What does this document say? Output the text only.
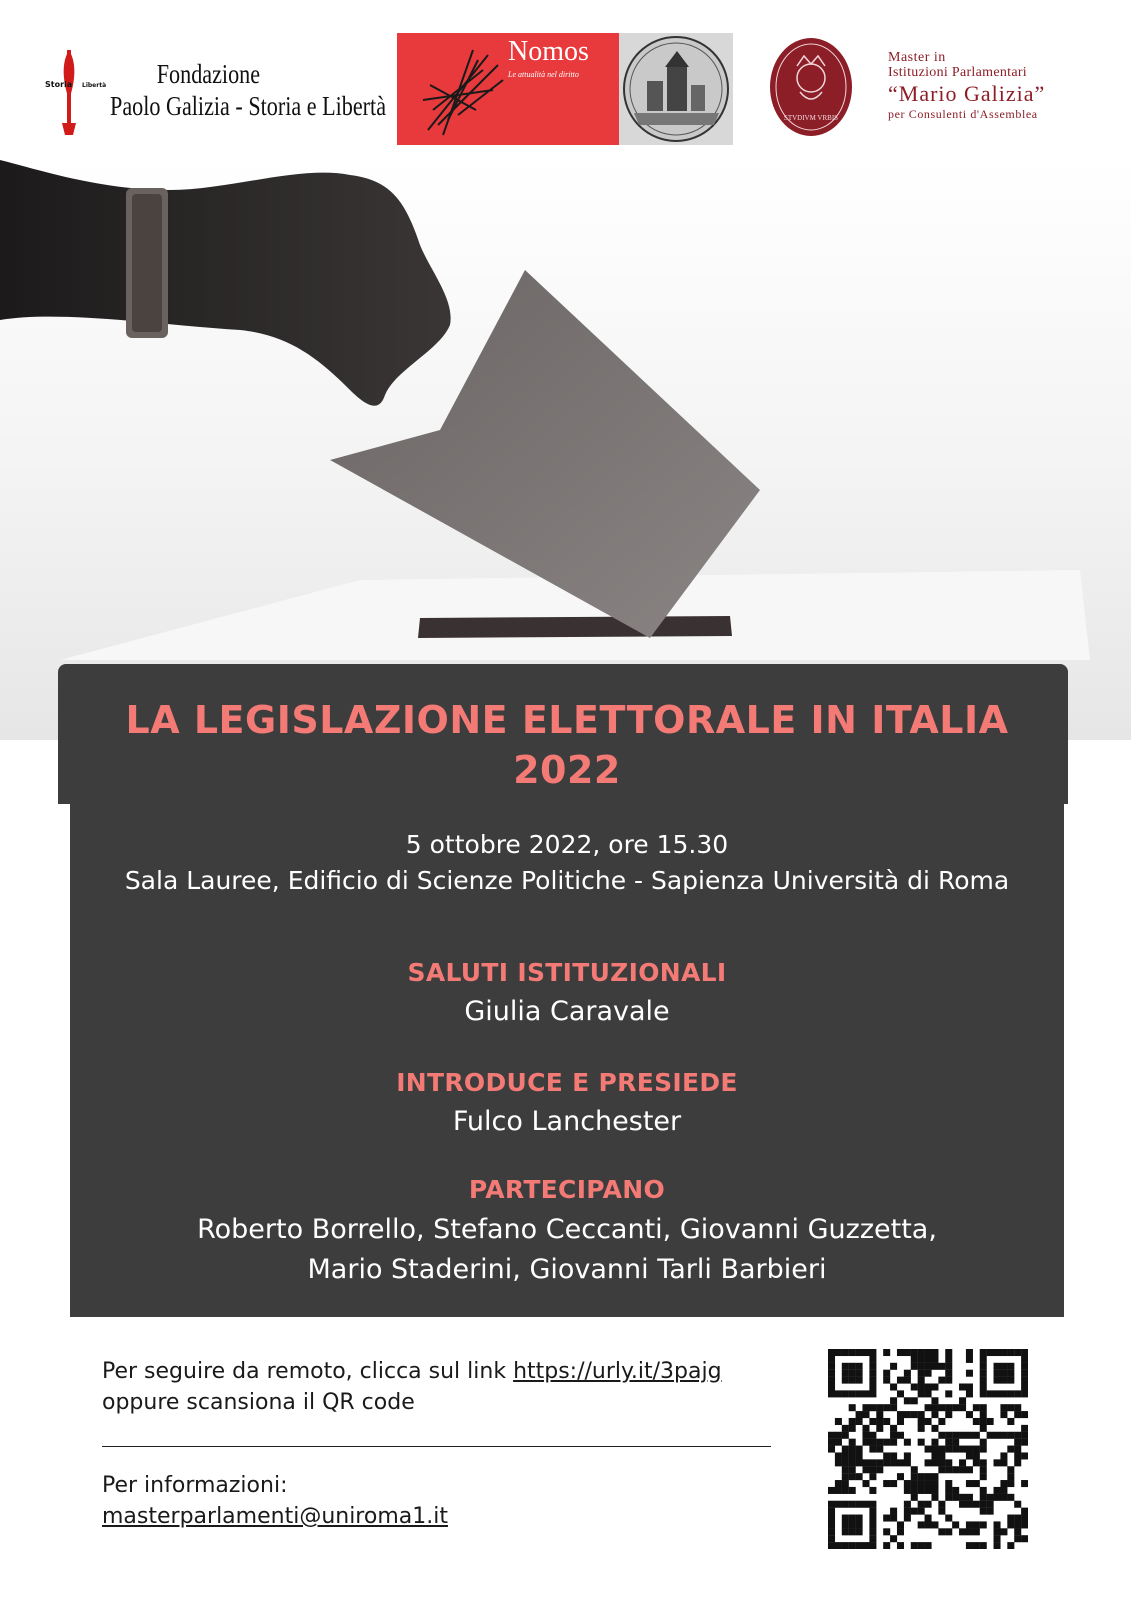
Storia Libertà	Fondazione
Paolo Galizia - Storia e Libertà
Nomos
Le attualità nel diritto
STVDIVM VRBIS
Master in
Istituzioni Parlamentari
“Mario Galizia”
per Consulenti d'Assemblea
LA LEGISLAZIONE ELETTORALE IN ITALIA
2022
5 ottobre 2022, ore 15.30
Sala Lauree, Edificio di Scienze Politiche - Sapienza Università di Roma
SALUTI ISTITUZIONALI
Giulia Caravale
INTRODUCE E PRESIEDE
Fulco Lanchester
PARTECIPANO
Roberto Borrello, Stefano Ceccanti, Giovanni Guzzetta,
Mario Staderini, Giovanni Tarli Barbieri
Per seguire da remoto, clicca sul link https://urly.it/3pajg
oppure scansiona il QR code
Per informazioni:
masterparlamenti@uniroma1.it
